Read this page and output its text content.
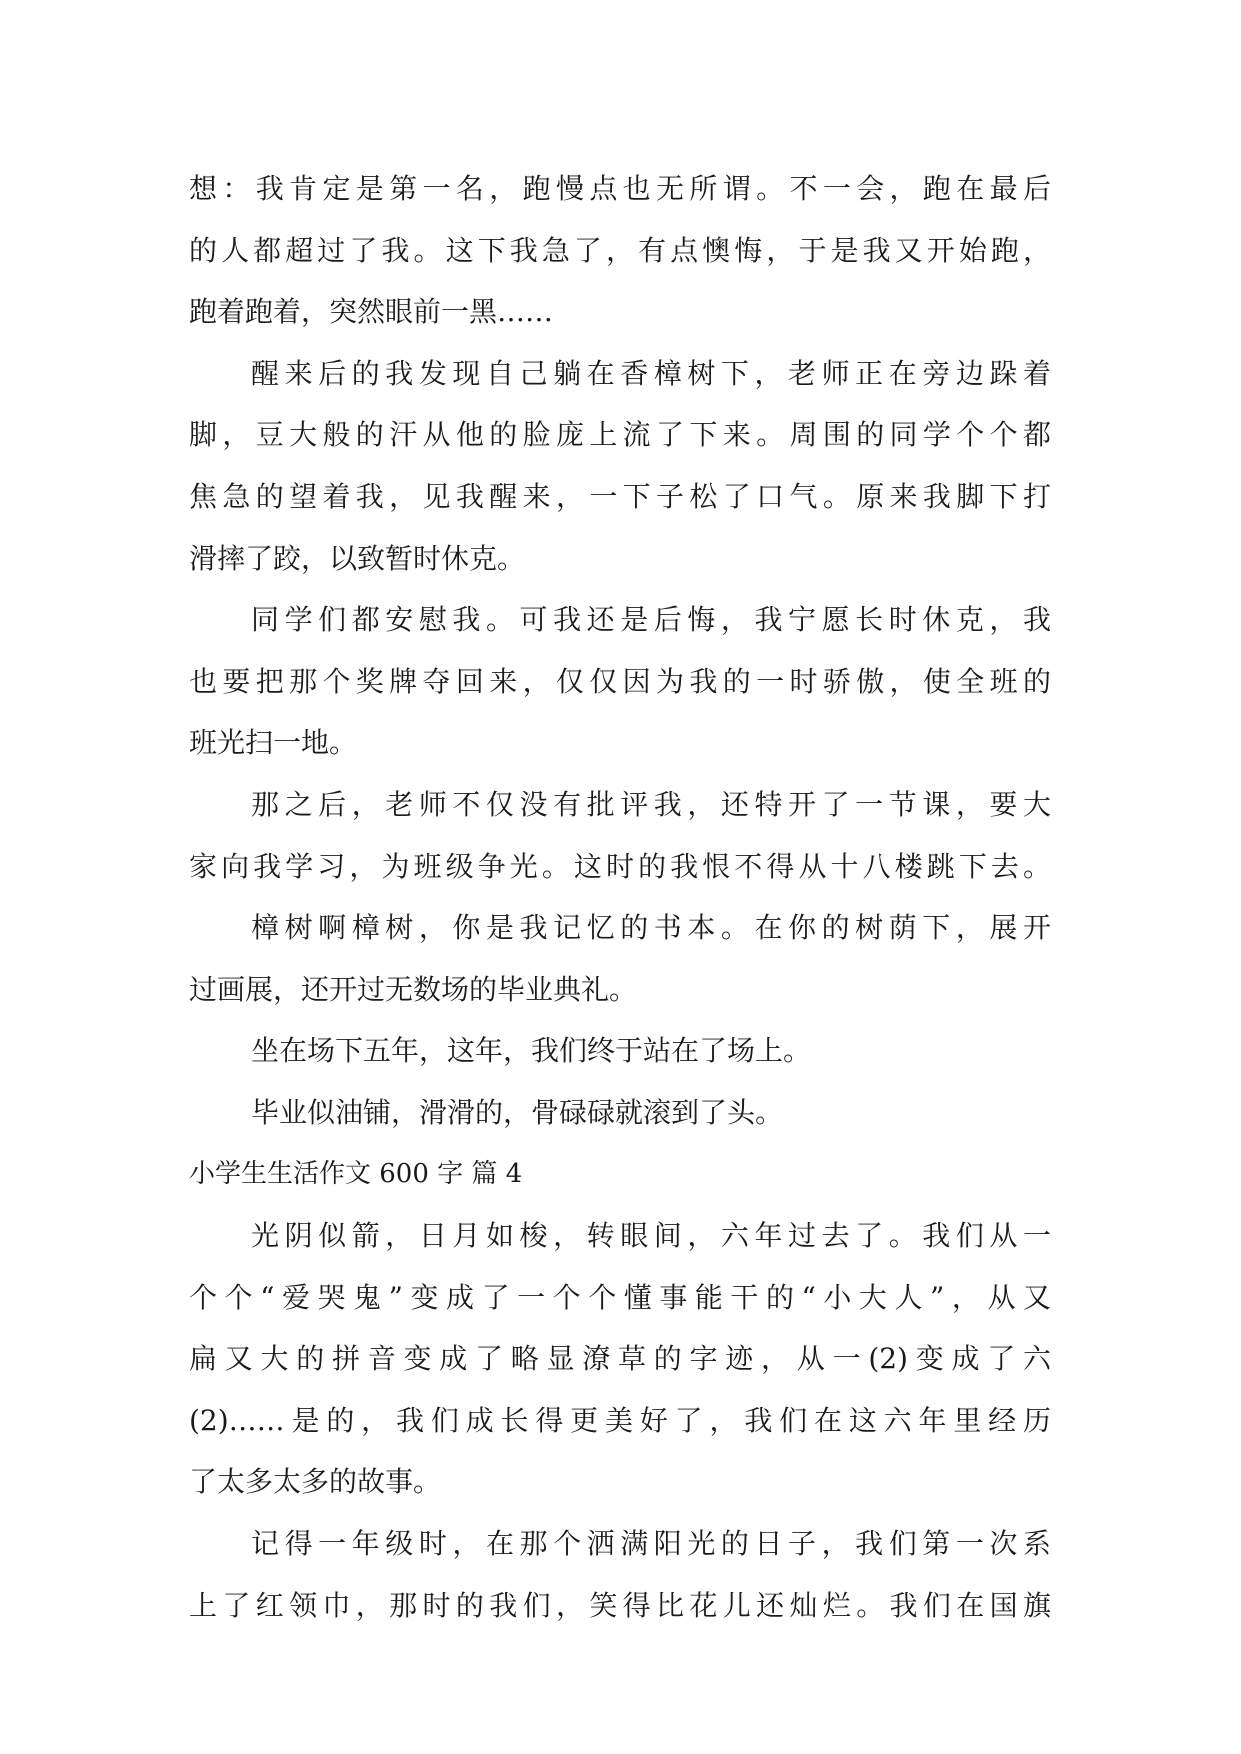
想：我肯定是第一名，跑慢点也无所谓。不一会，跑在最后
的人都超过了我。这下我急了，有点懊悔，于是我又开始跑，
跑着跑着，突然眼前一黑……
醒来后的我发现自己躺在香樟树下，老师正在旁边跺着
脚，豆大般的汗从他的脸庞上流了下来。周围的同学个个都
焦急的望着我，见我醒来，一下子松了口气。原来我脚下打
滑摔了跤，以致暂时休克。
同学们都安慰我。可我还是后悔，我宁愿长时休克，我
也要把那个奖牌夺回来，仅仅因为我的一时骄傲，使全班的
班光扫一地。
那之后，老师不仅没有批评我，还特开了一节课，要大
家向我学习，为班级争光。这时的我恨不得从十八楼跳下去。
樟树啊樟树，你是我记忆的书本。在你的树荫下，展开
过画展，还开过无数场的毕业典礼。
坐在场下五年，这年，我们终于站在了场上。
毕业似油铺，滑滑的，骨碌碌就滚到了头。
小学生生活作文 600 字 篇 4
光阴似箭，日月如梭，转眼间，六年过去了。我们从一
个个“爱哭鬼”变成了一个个懂事能干的“小大人”，从又
扁又大的拼音变成了略显潦草的字迹，从一(2)变成了六
(2)……是的，我们成长得更美好了，我们在这六年里经历
了太多太多的故事。
记得一年级时，在那个洒满阳光的日子，我们第一次系
上了红领巾，那时的我们，笑得比花儿还灿烂。我们在国旗
